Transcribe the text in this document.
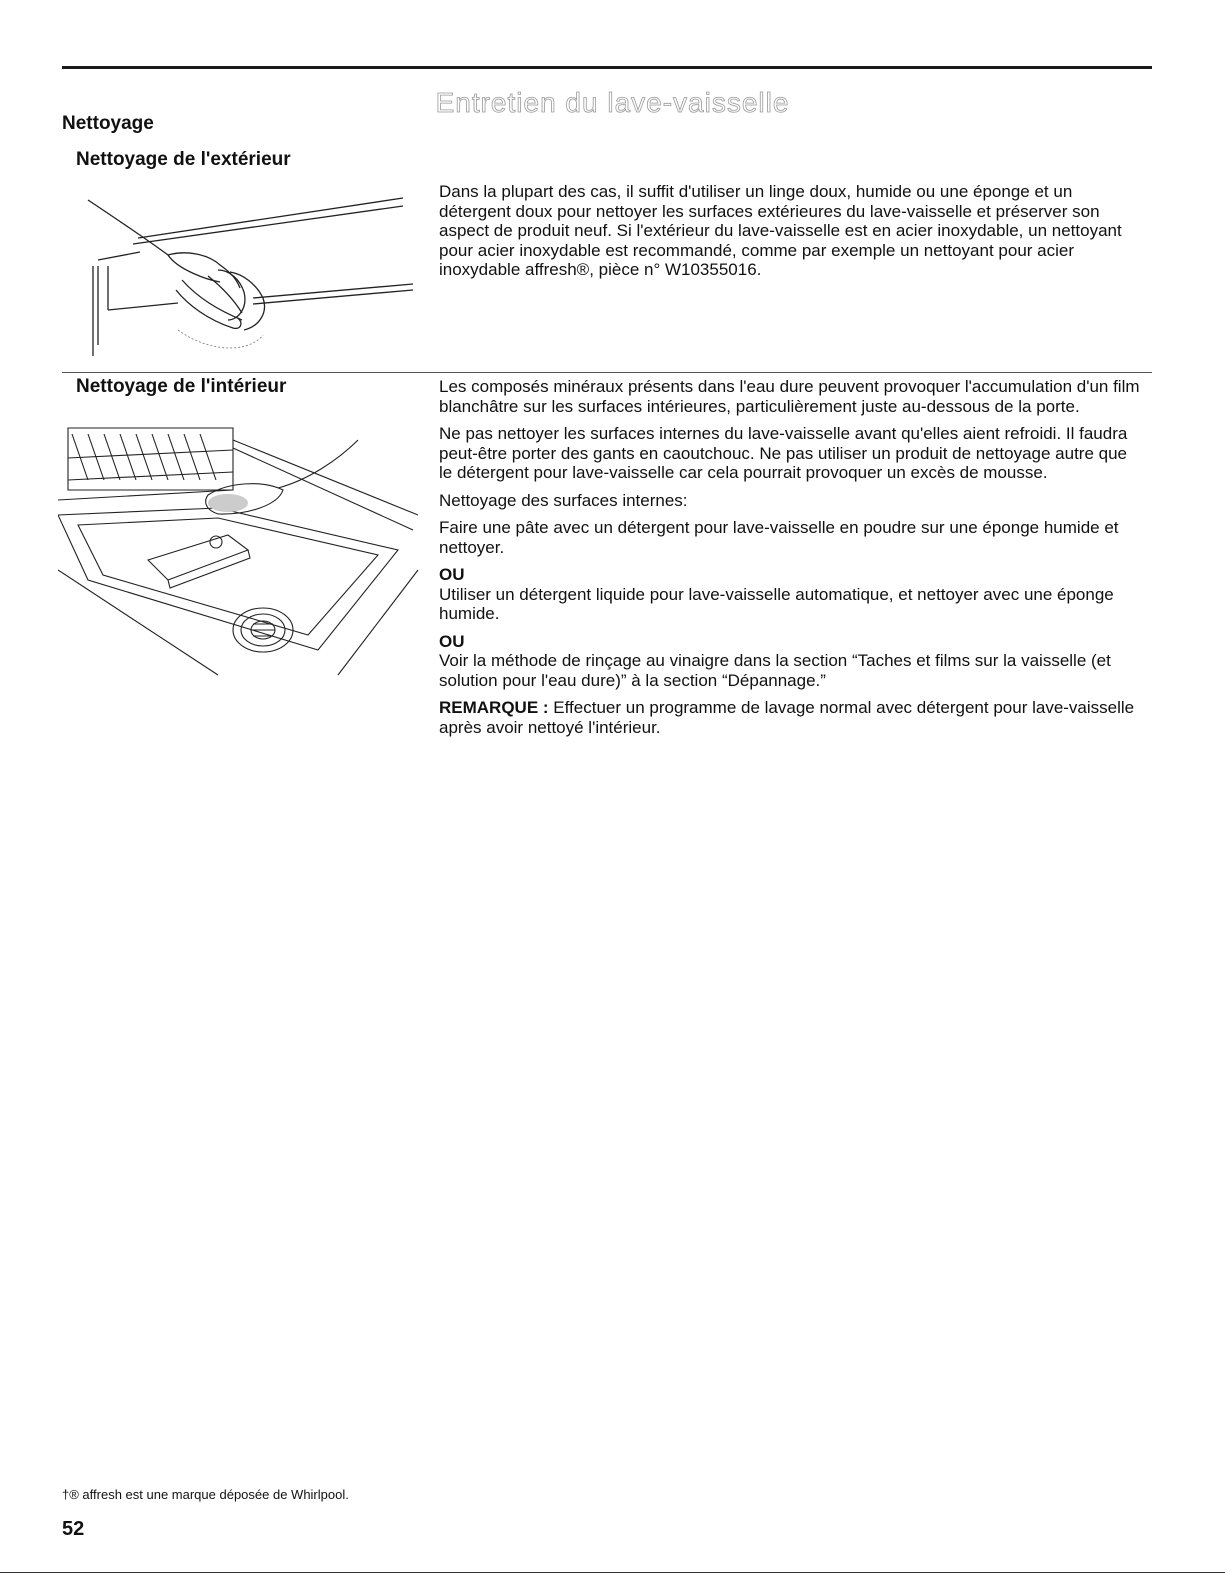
Entretien du lave-vaisselle
Nettoyage
Nettoyage de l'extérieur

Dans la plupart des cas, il suffit d'utiliser un linge doux, humide ou une éponge et un détergent doux pour nettoyer les surfaces extérieures du lave-vaisselle et préserver son aspect de produit neuf. Si l'extérieur du lave-vaisselle est en acier inoxydable, un nettoyant pour acier inoxydable est recommandé, comme par exemple un nettoyant pour acier inoxydable affresh®, pièce n° W10355016.

Nettoyage de l'intérieur	Les composés minéraux présents dans l'eau dure peuvent provoquer l'accumulation d'un film blanchâtre sur les surfaces intérieures, particulièrement juste au-dessous de la porte.

Ne pas nettoyer les surfaces internes du lave-vaisselle avant qu'elles aient refroidi. Il faudra peut-être porter des gants en caoutchouc. Ne pas utiliser un produit de nettoyage autre que le détergent pour lave-vaisselle car cela pourrait provoquer un excès de mousse.

Nettoyage des surfaces internes:

Faire une pâte avec un détergent pour lave-vaisselle en poudre sur une éponge humide et nettoyer.

OU

Utiliser un détergent liquide pour lave-vaisselle automatique, et nettoyer avec une éponge humide.

OU

Voir la méthode de rinçage au vinaigre dans la section “Taches et films sur la vaisselle (et solution pour l'eau dure)” à la section “Dépannage.”

REMARQUE : Effectuer un programme de lavage normal avec détergent pour lave-vaisselle après avoir nettoyé l'intérieur.

†® affresh est une marque déposée de Whirlpool.

52
